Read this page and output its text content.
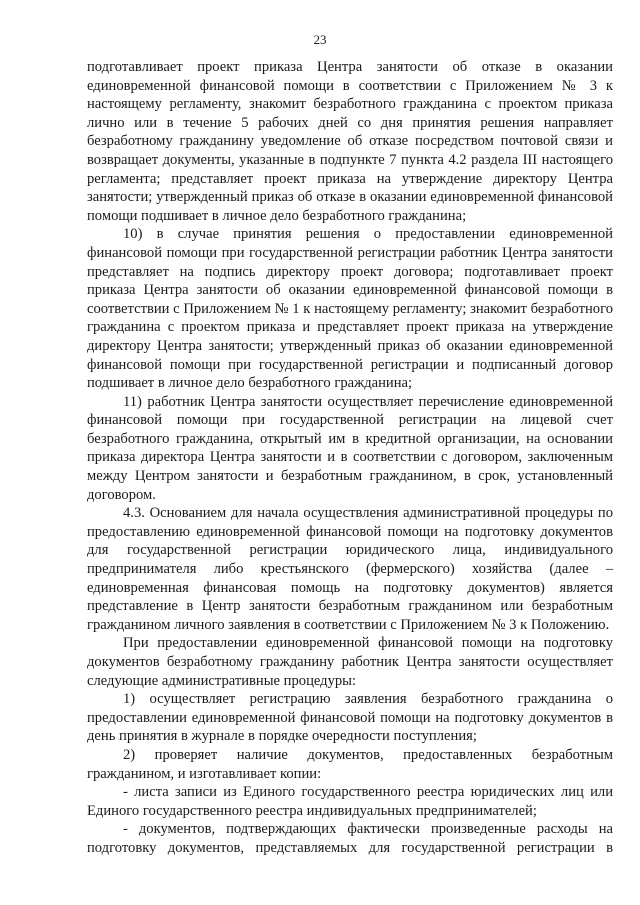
23

подготавливает проект приказа Центра занятости об отказе в оказании единовременной финансовой помощи в соответствии с Приложением № 3 к настоящему регламенту, знакомит безработного гражданина с проектом приказа лично или в течение 5 рабочих дней со дня принятия решения направляет безработному гражданину уведомление об отказе посредством почтовой связи и возвращает документы, указанные в подпункте 7 пункта 4.2 раздела III настоящего регламента; представляет проект приказа на утверждение директору Центра занятости; утвержденный приказ об отказе в оказании единовременной финансовой помощи подшивает в личное дело безработного гражданина;

10) в случае принятия решения о предоставлении единовременной финансовой помощи при государственной регистрации работник Центра занятости представляет на подпись директору проект договора; подготавливает проект приказа Центра занятости об оказании единовременной финансовой помощи в соответствии с Приложением № 1 к настоящему регламенту; знакомит безработного гражданина с проектом приказа и представляет проект приказа на утверждение директору Центра занятости; утвержденный приказ об оказании единовременной финансовой помощи при государственной регистрации и подписанный договор подшивает в личное дело безработного гражданина;

11) работник Центра занятости осуществляет перечисление единовременной финансовой помощи при государственной регистрации на лицевой счет безработного гражданина, открытый им в кредитной организации, на основании приказа директора Центра занятости и в соответствии с договором, заключенным между Центром занятости и безработным гражданином, в срок, установленный договором.

4.3. Основанием для начала осуществления административной процедуры по предоставлению единовременной финансовой помощи на подготовку документов для государственной регистрации юридического лица, индивидуального предпринимателя либо крестьянского (фермерского) хозяйства (далее – единовременная финансовая помощь на подготовку документов) является представление в Центр занятости безработным гражданином или безработным гражданином личного заявления в соответствии с Приложением № 3 к Положению.

При предоставлении единовременной финансовой помощи на подготовку документов безработному гражданину работник Центра занятости осуществляет следующие административные процедуры:

1) осуществляет регистрацию заявления безработного гражданина о предоставлении единовременной финансовой помощи на подготовку документов в день принятия в журнале в порядке очередности поступления;

2) проверяет наличие документов, предоставленных безработным гражданином, и изготавливает копии:

- листа записи из Единого государственного реестра юридических лиц или Единого государственного реестра индивидуальных предпринимателей;

- документов, подтверждающих фактически произведенные расходы на подготовку документов, представляемых для государственной регистрации в
